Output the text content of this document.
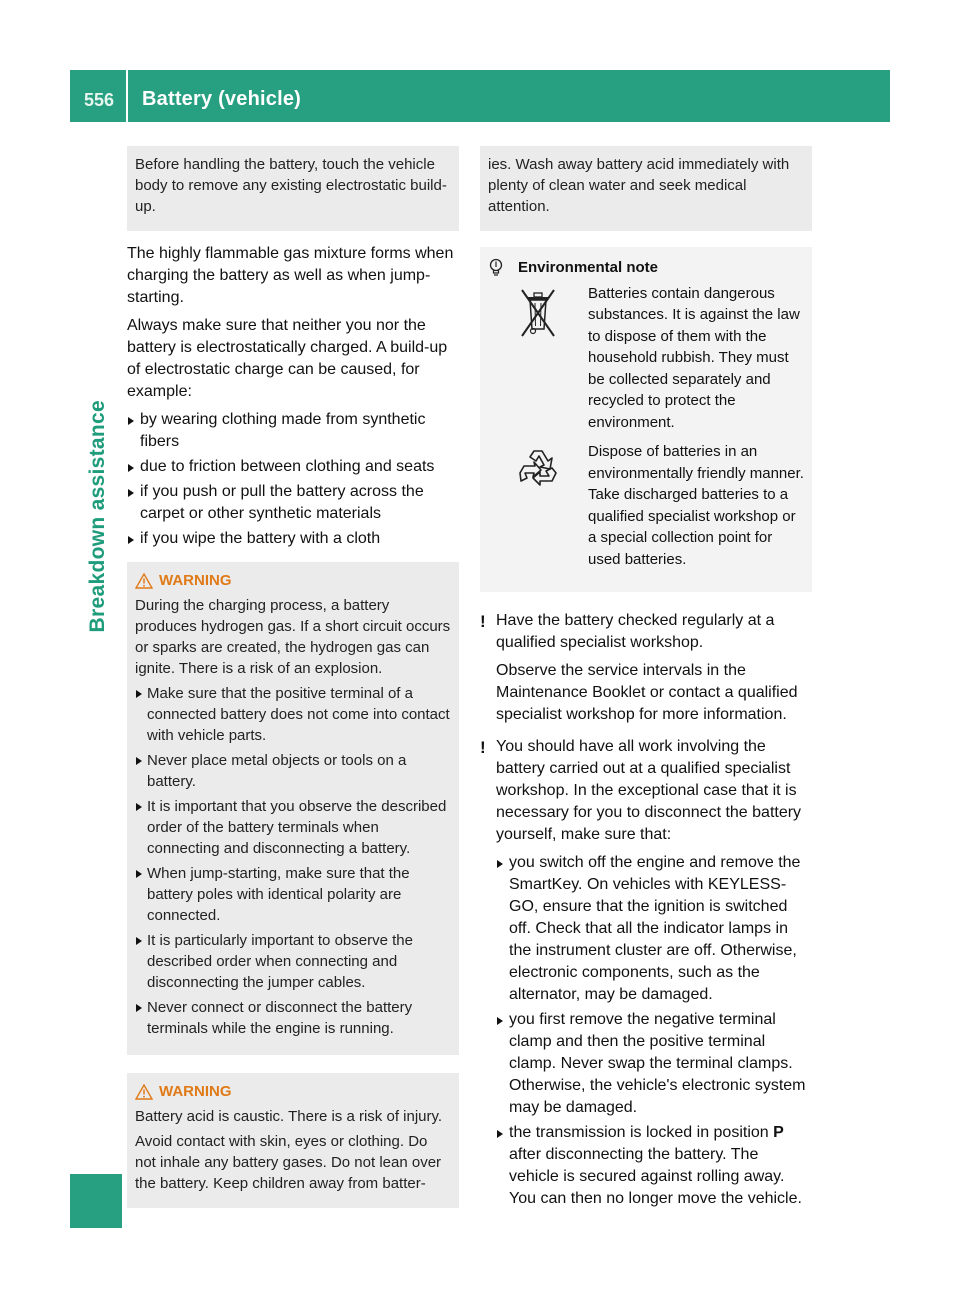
556 Battery (vehicle)
Breakdown assistance

Before handling the battery, touch the vehicle body to remove any existing electrostatic build-up.

The highly flammable gas mixture forms when charging the battery as well as when jump-starting.

Always make sure that neither you nor the battery is electrostatically charged. A build-up of electrostatic charge can be caused, for example:

by wearing clothing made from synthetic fibers
due to friction between clothing and seats
if you push or pull the battery across the carpet or other synthetic materials
if you wipe the battery with a cloth
WARNING

During the charging process, a battery produces hydrogen gas. If a short circuit occurs or sparks are created, the hydrogen gas can ignite. There is a risk of an explosion.

Make sure that the positive terminal of a connected battery does not come into contact with vehicle parts.
Never place metal objects or tools on a battery.
It is important that you observe the described order of the battery terminals when connecting and disconnecting a battery.
When jump-starting, make sure that the battery poles with identical polarity are connected.
It is particularly important to observe the described order when connecting and disconnecting the jumper cables.
Never connect or disconnect the battery terminals while the engine is running.
WARNING

Battery acid is caustic. There is a risk of injury.

Avoid contact with skin, eyes or clothing. Do not inhale any battery gases. Do not lean over the battery. Keep children away from batter-

ies. Wash away battery acid immediately with plenty of clean water and seek medical attention.

Environmental note
Batteries contain dangerous substances. It is against the law to dispose of them with the household rubbish. They must be collected separately and recycled to protect the environment.
Dispose of batteries in an environmentally friendly manner. Take discharged batteries to a qualified specialist workshop or a special collection point for used batteries.
! Have the battery checked regularly at a qualified specialist workshop.

Observe the service intervals in the Maintenance Booklet or contact a qualified specialist workshop for more information.

! You should have all work involving the battery carried out at a qualified specialist workshop. In the exceptional case that it is necessary for you to disconnect the battery yourself, make sure that:

you switch off the engine and remove the SmartKey. On vehicles with KEYLESS-GO, ensure that the ignition is switched off. Check that all the indicator lamps in the instrument cluster are off. Otherwise, electronic components, such as the alternator, may be damaged.
you first remove the negative terminal clamp and then the positive terminal clamp. Never swap the terminal clamps. Otherwise, the vehicle's electronic system may be damaged.
the transmission is locked in position P after disconnecting the battery. The vehicle is secured against rolling away. You can then no longer move the vehicle.
